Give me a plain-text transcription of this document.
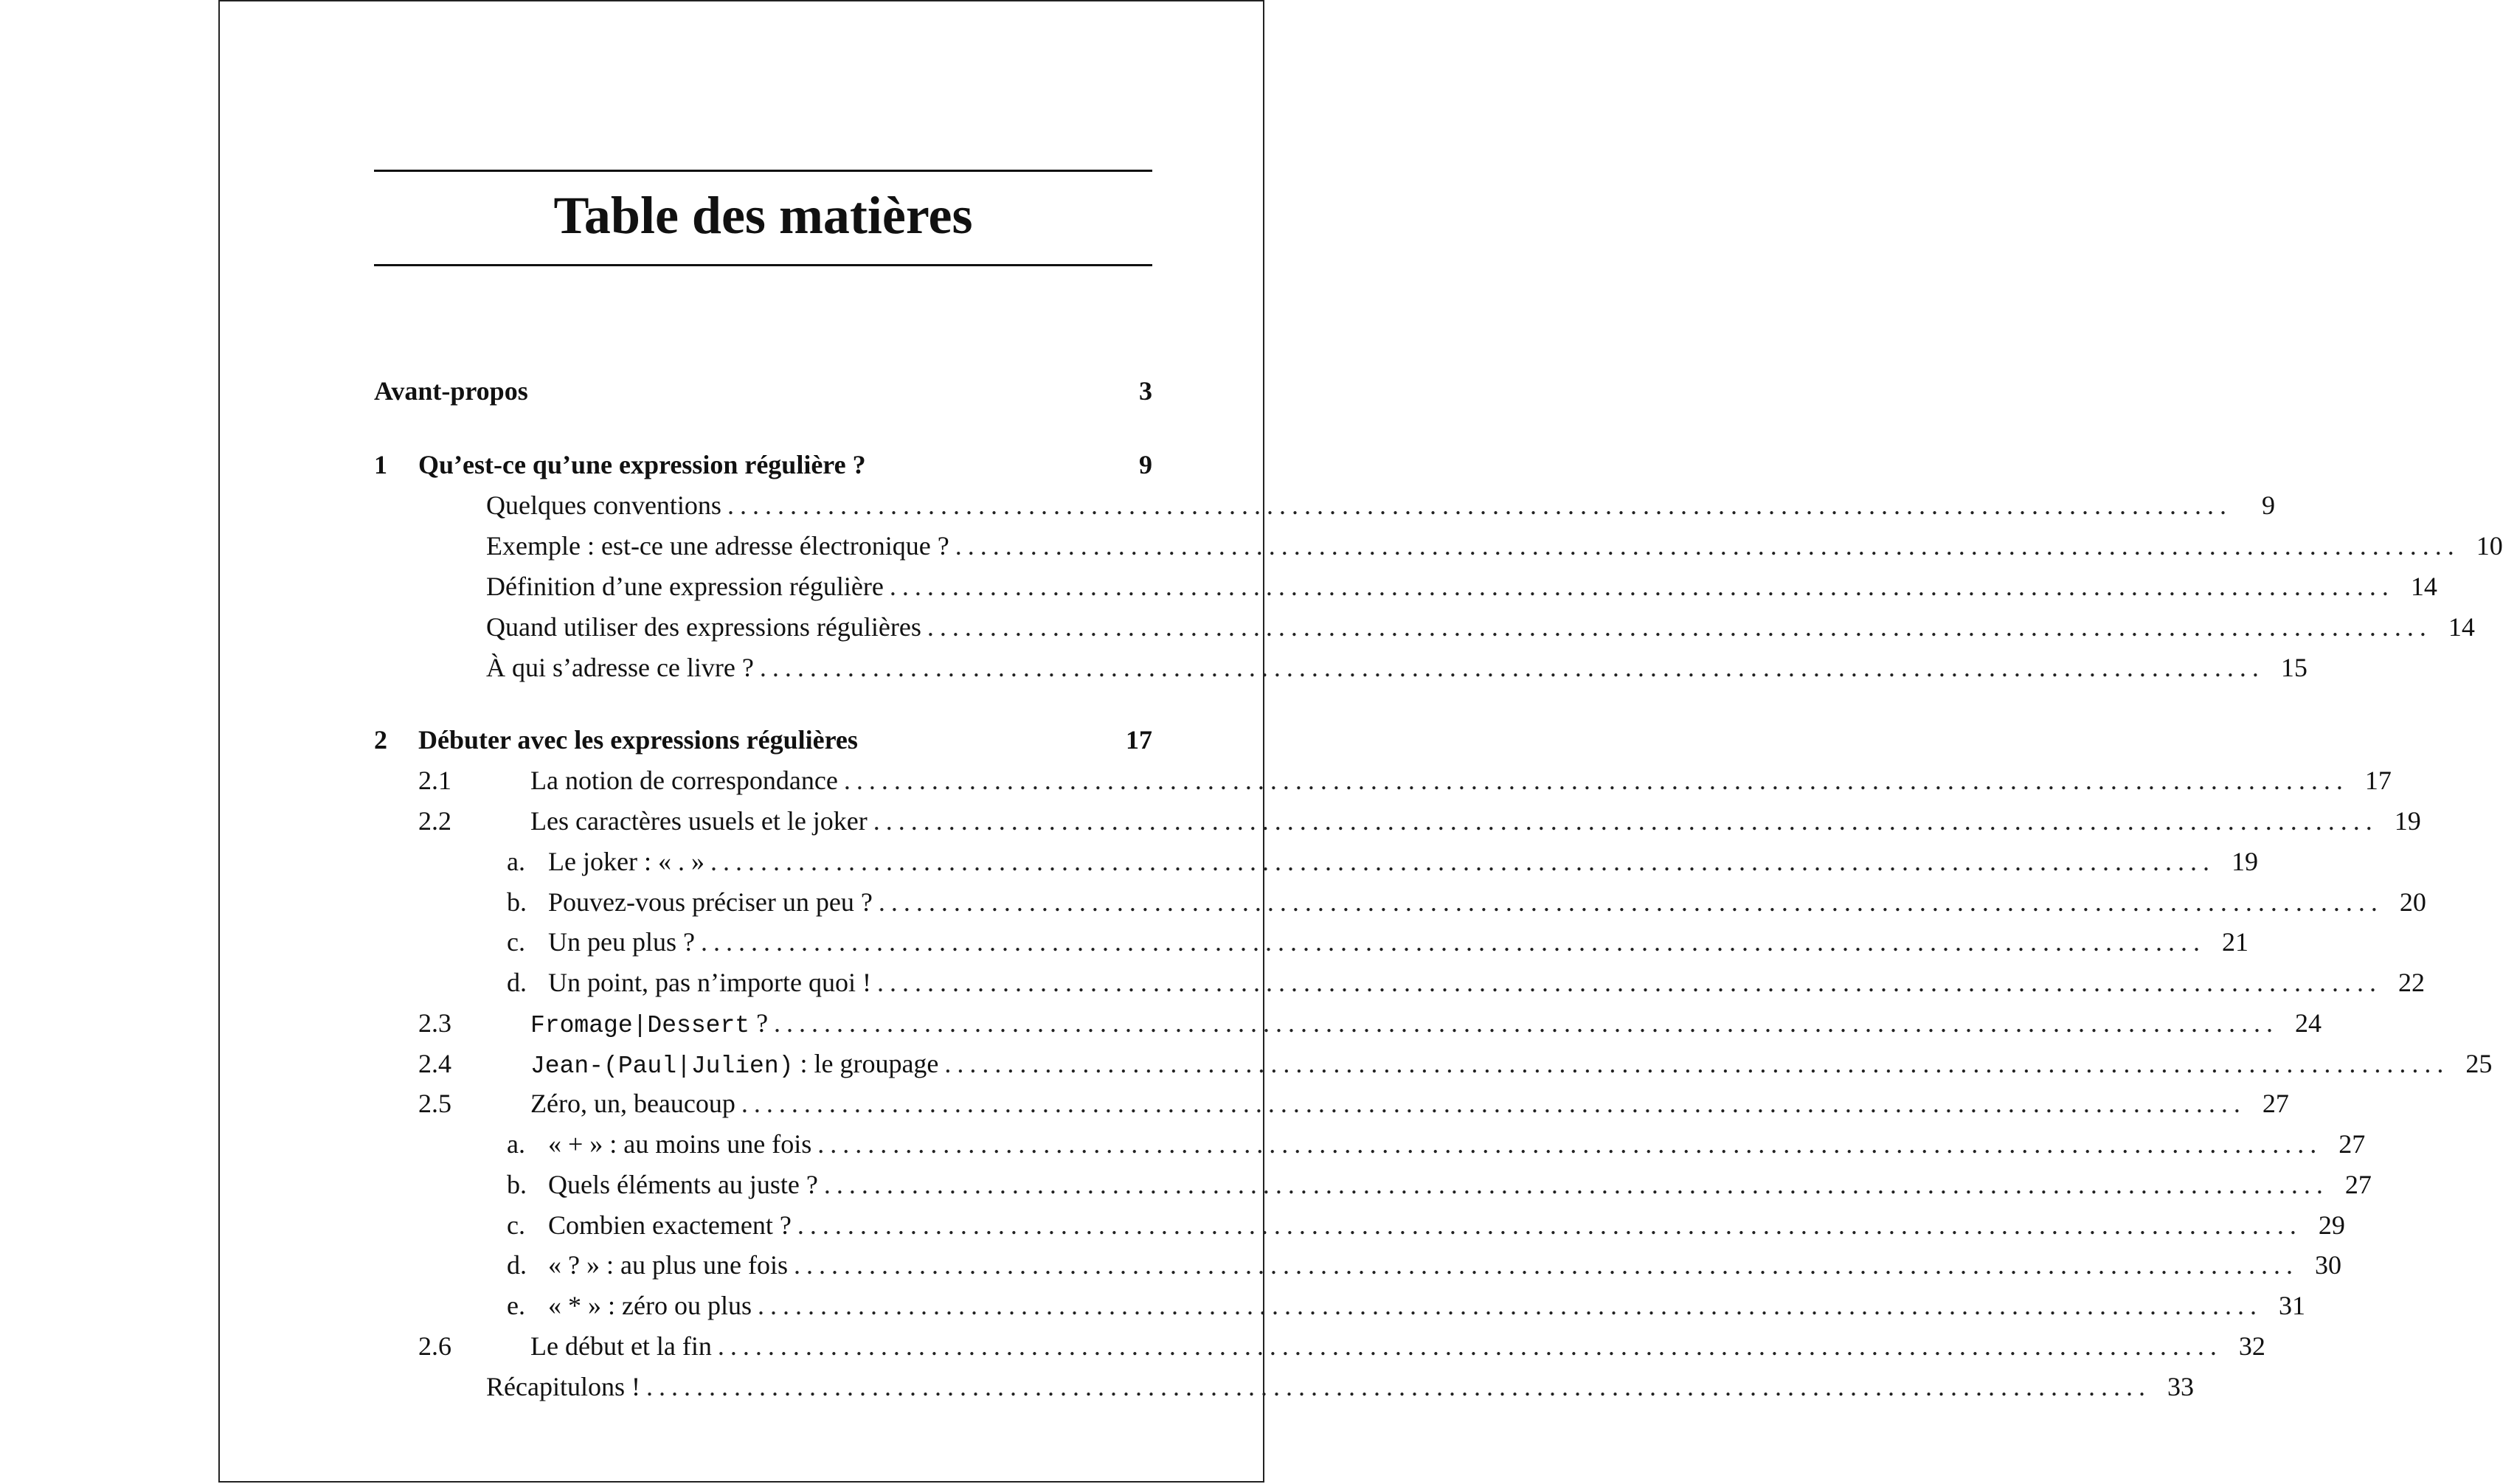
Table des matières
Avant-propos	3
1	Qu’est-ce qu’une expression régulière ?	9
Quelques conventions ........................................................................................................................	9
Exemple : est-ce une adresse électronique ? ........................................................................................................................ 10
Définition d’une expression régulière ........................................................................................................................ 14
Quand utiliser des expressions régulières ........................................................................................................................ 14
À qui s’adresse ce livre ? ........................................................................................................................ 15
2	Débuter avec les expressions régulières	17
2.1	La notion de correspondance ........................................................................................................................ 17
2.2	Les caractères usuels et le joker ........................................................................................................................ 19
a. Le joker : « . » ........................................................................................................................ 19
b. Pouvez-vous préciser un peu ? ........................................................................................................................ 20
c. Un peu plus ? ........................................................................................................................ 21
d. Un point, pas n’importe quoi ! ........................................................................................................................ 22
2.3	Fromage|Dessert ? ........................................................................................................................ 24
2.4	Jean-(Paul|Julien) : le groupage ........................................................................................................................ 25
2.5	Zéro, un, beaucoup ........................................................................................................................ 27
a. « + » : au moins une fois ........................................................................................................................ 27
b. Quels éléments au juste ? ........................................................................................................................ 27
c. Combien exactement ? ........................................................................................................................ 29
d. « ? » : au plus une fois ........................................................................................................................ 30
e. « * » : zéro ou plus ........................................................................................................................ 31
2.6	Le début et la fin ........................................................................................................................ 32
Récapitulons ! ........................................................................................................................ 33
